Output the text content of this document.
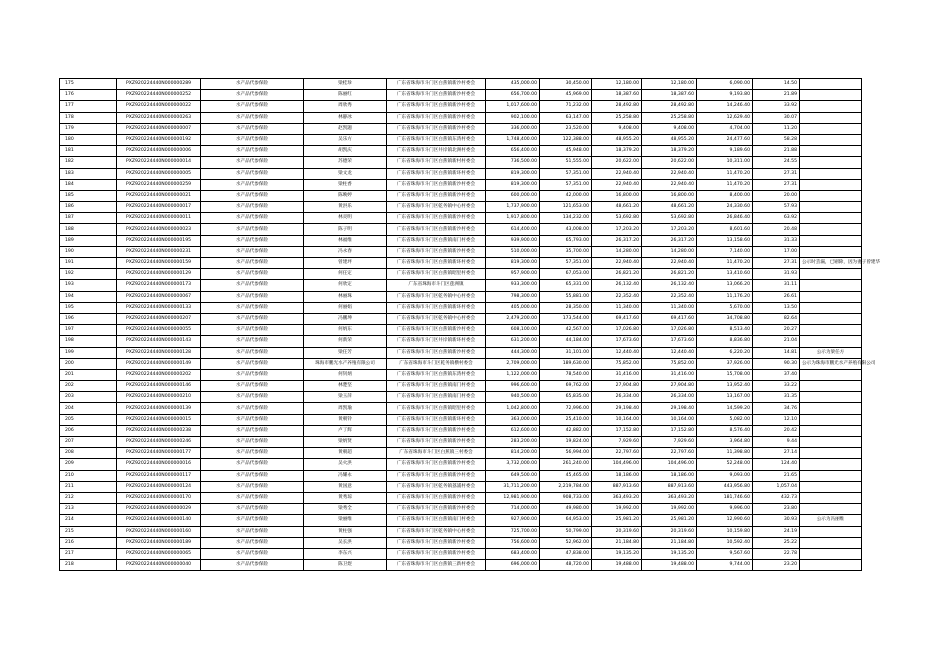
175	PXZ920224440N000000289	水产品代参保险	梁桂珍	广东省珠海市斗门区白蕉镇新沙村委会	435,000.00	30,450.00	12,180.00	12,180.00	6,090.00	14.50	
176	PXZ920224440N000000252	水产品代参保险	陈丽红	广东省珠海市斗门区白蕉镇新沙村委会	656,700.00	45,969.00	18,387.60	18,387.60	9,193.80	21.89	
177	PXZ920224440N000000022	水产品代参保险	周欣秀	广东省珠海市斗门区白蕉镇新沙村委会	1,017,600.00	71,232.00	28,492.80	28,492.80	14,246.40	33.92	
178	PXZ920224440N000000263	水产品代参保险	林静冰	广东省珠海市斗门区白蕉镇新沙村委会	902,100.00	63,147.00	25,258.80	25,258.80	12,629.40	30.07	
179	PXZ920224440N000000007	水产品代参保险	赵凯题	广东省珠海市斗门区白蕉镇新沙村委会	336,000.00	23,520.00	9,408.00	9,408.00	4,704.00	11.20	
180	PXZ920224440N000000192	水产品代参保险	吴乐方	广东省珠海市斗门区白蕉镇东湾村委会	1,748,400.00	122,388.00	48,955.20	48,955.20	24,477.60	58.28	
181	PXZ920224440N000000006	水产品代参保险	胡凯庆	广东省珠海市斗门区井岸镇北洲村委会	656,400.00	45,948.00	18,379.20	18,379.20	9,189.60	21.88	
182	PXZ920224440N000000014	水产品代参保险	苏德荣	广东省珠海市斗门区白蕉镇新村村委会	736,500.00	51,555.00	20,622.00	20,622.00	10,311.00	24.55	
183	PXZ920224440N000000005	水产品代参保险	梁文龙	广东省珠海市斗门区白蕉镇新环村委会	819,300.00	57,351.00	22,940.40	22,940.40	11,470.20	27.31	
184	PXZ920224440N000000259	水产品代参保险	梁柱香	广东省珠海市斗门区白蕉镇新沙村委会	819,300.00	57,351.00	22,940.40	22,940.40	11,470.20	27.31	
185	PXZ920224440N000000021	水产品代参保险	陈映婷	广东省珠海市斗门区白蕉镇新沙村委会	600,000.00	42,000.00	16,800.00	16,800.00	8,400.00	20.00	
186	PXZ920224440N000000017	水产品代参保险	黄洪乐	广东省珠海市斗门区乾务镇中心村委会	1,737,900.00	121,653.00	48,661.20	48,661.20	24,330.60	57.93	
187	PXZ920224440N000000011	水产品代参保险	林炎明	广东省珠海市斗门区白蕉镇新沙村委会	1,917,800.00	134,232.00	53,692.80	53,692.80	26,846.40	63.92	
188	PXZ920224440N000000023	水产品代参保险	陈子明	广东省珠海市斗门区白蕉镇新沙村委会	614,400.00	43,008.00	17,203.20	17,203.20	8,601.60	20.48	
189	PXZ920224440N000000195	水产品代参保险	林福维	广东省珠海市斗门区白蕉镇南门村委会	939,900.00	65,793.00	26,317.20	26,317.20	13,158.60	31.33	
190	PXZ920224440N000000231	水产品代参保险	冯永春	广东省珠海市斗门区白蕉镇新沙村委会	510,000.00	35,700.00	14,280.00	14,280.00	7,140.00	17.00	
191	PXZ920224440N000000159	水产品代参保险	曾建坪	广东省珠海市斗门区白蕉镇新环村委会	819,300.00	57,351.00	22,940.40	22,940.40	11,470.20	27.31	公示时丢漏，已剔除，因为妻子曾建华
192	PXZ920224440N000000129	水产品代参保险	何任定	广东省珠海市斗门区白蕉镇昭里村委会	957,900.00	67,053.00	26,821.20	26,821.20	13,410.60	31.93	
193	PXZ920224440N000000173	水产品代参保险	何欣定	广东省珠海市斗门区莲洲镇	933,300.00	65,331.00	26,132.40	26,132.40	13,066.20	31.11	
194	PXZ920224440N000000067	水产品代参保险	林丽珠	广东省珠海市斗门区乾务镇中心村委会	798,300.00	55,881.00	22,352.40	22,352.40	11,176.20	26.61	
195	PXZ920224440N000000133	水产品代参保险	何丽娟	广东省珠海市斗门区白蕉镇新环村委会	405,000.00	28,350.00	11,340.00	11,340.00	5,670.00	13.50	
196	PXZ920224440N000000207	水产品代参保险	冯鹏坤	广东省珠海市斗门区乾务镇中心村委会	2,479,200.00	173,544.00	69,417.60	69,417.60	34,708.80	82.64	
197	PXZ920224440N000000055	水产品代参保险	何炳东	广东省珠海市斗门区白蕉镇新沙村委会	608,100.00	42,567.00	17,026.80	17,026.80	8,513.40	20.27	
198	PXZ920224440N000000143	水产品代参保险	何新荣	广东省珠海市斗门区井岸镇新环村委会	631,200.00	44,184.00	17,673.60	17,673.60	8,836.80	21.04	
199	PXZ920224440N000000128	水产品代参保险	梁任芳	广东省珠海市斗门区白蕉镇新沙村委会	444,300.00	31,101.00	12,440.40	12,440.40	6,220.20	14.81	公示为梁任方
200	PXZ920224440N000000149	水产品代参保险	珠海市鹏光水产养殖有限公司	广东省珠海市斗门区乾务镇横村委会	2,709,000.00	189,630.00	75,852.00	75,852.00	37,926.00	90.30	公示为珠海市鹏光水产养殖有限公司
201	PXZ920224440N000000202	水产品代参保险	何钊炳	广东省珠海市斗门区白蕉镇东湾村委会	1,122,000.00	78,540.00	31,416.00	31,416.00	15,708.00	37.40	
202	PXZ920224440N000000146	水产品代参保险	林楚坚	广东省珠海市斗门区白蕉镇南门村委会	996,600.00	69,762.00	27,904.80	27,904.80	13,952.40	33.22	
203	PXZ920224440N000000210	水产品代参保险	梁玉萍	广东省珠海市斗门区白蕉镇南门村委会	940,500.00	65,835.00	26,334.00	26,334.00	13,167.00	31.35	
204	PXZ920224440N000000139	水产品代参保险	周凯瑜	广东省珠海市斗门区白蕉镇昭里村委会	1,042,800.00	72,996.00	29,198.40	29,198.40	14,599.20	34.76	
205	PXZ920224440N000000015	水产品代参保险	黄朝铃	广东省珠海市斗门区白蕉镇新环村委会	363,000.00	25,410.00	10,164.00	10,164.00	5,082.00	12.10	
206	PXZ920224440N000000238	水产品代参保险	卢丁辉	广东省珠海市斗门区白蕉镇新沙村委会	612,600.00	42,882.00	17,152.80	17,152.80	8,576.40	20.42	
207	PXZ920224440N000000246	水产品代参保险	梁炳贤	广东省珠海市斗门区白蕉镇新沙村委会	283,200.00	19,824.00	7,929.60	7,929.60	3,964.80	9.44	
208	PXZ920224440N000000177	水产品代参保险	黄朝超	广东省珠海市斗门区白蕉镇三村委会	814,200.00	56,994.00	22,797.60	22,797.60	11,398.80	27.14	
209	PXZ920224440N000000016	水产品代参保险	吴火洪	广东省珠海市斗门区白蕉镇新沙村委会	3,732,000.00	261,240.00	104,496.00	104,496.00	52,248.00	124.40	
210	PXZ920224440N000000117	水产品代参保险	冯耀永	广东省珠海市斗门区白蕉镇新沙村委会	649,500.00	45,465.00	18,186.00	18,186.00	9,093.00	21.65	
211	PXZ920224440N000000124	水产品代参保险	黄国意	广东省珠海市斗门区乾务镇荔浦村委会	31,711,200.00	2,219,784.00	887,913.60	887,913.60	443,956.80	1,057.04	
212	PXZ920224440N000000170	水产品代参保险	黄秀琼	广东省珠海市斗门区白蕉镇新沙村委会	12,981,900.00	908,733.00	363,493.20	363,493.20	181,746.60	432.73	
213	PXZ920224440N000000029	水产品代参保险	梁秀全	广东省珠海市斗门区白蕉镇新沙村委会	714,000.00	49,980.00	19,992.00	19,992.00	9,996.00	23.80	
214	PXZ920224440N000000140	水产品代参保险	梁丽维	广东省珠海市斗门区白蕉镇南门村委会	927,900.00	64,953.00	25,981.20	25,981.20	12,990.60	30.93	公示为冯丽维
215	PXZ920224440N000000160	水产品代参保险	黄柱强	广东省珠海市斗门区乾务镇中心村委会	725,700.00	50,799.00	20,319.60	20,319.60	10,159.80	24.19	
216	PXZ920224440N000000189	水产品代参保险	吴长洪	广东省珠海市斗门区白蕉镇新沙村委会	756,600.00	52,962.00	21,184.80	21,184.80	10,592.40	25.22	
217	PXZ920224440N000000065	水产品代参保险	李东兴	广东省珠海市斗门区白蕉镇新沙村委会	683,400.00	47,838.00	19,135.20	19,135.20	9,567.60	22.78	
218	PXZ920224440N000000040	水产品代参保险	陈卫煜	广东省珠海市斗门区白蕉镇三新村委会	696,000.00	48,720.00	19,488.00	19,488.00	9,744.00	23.20	
